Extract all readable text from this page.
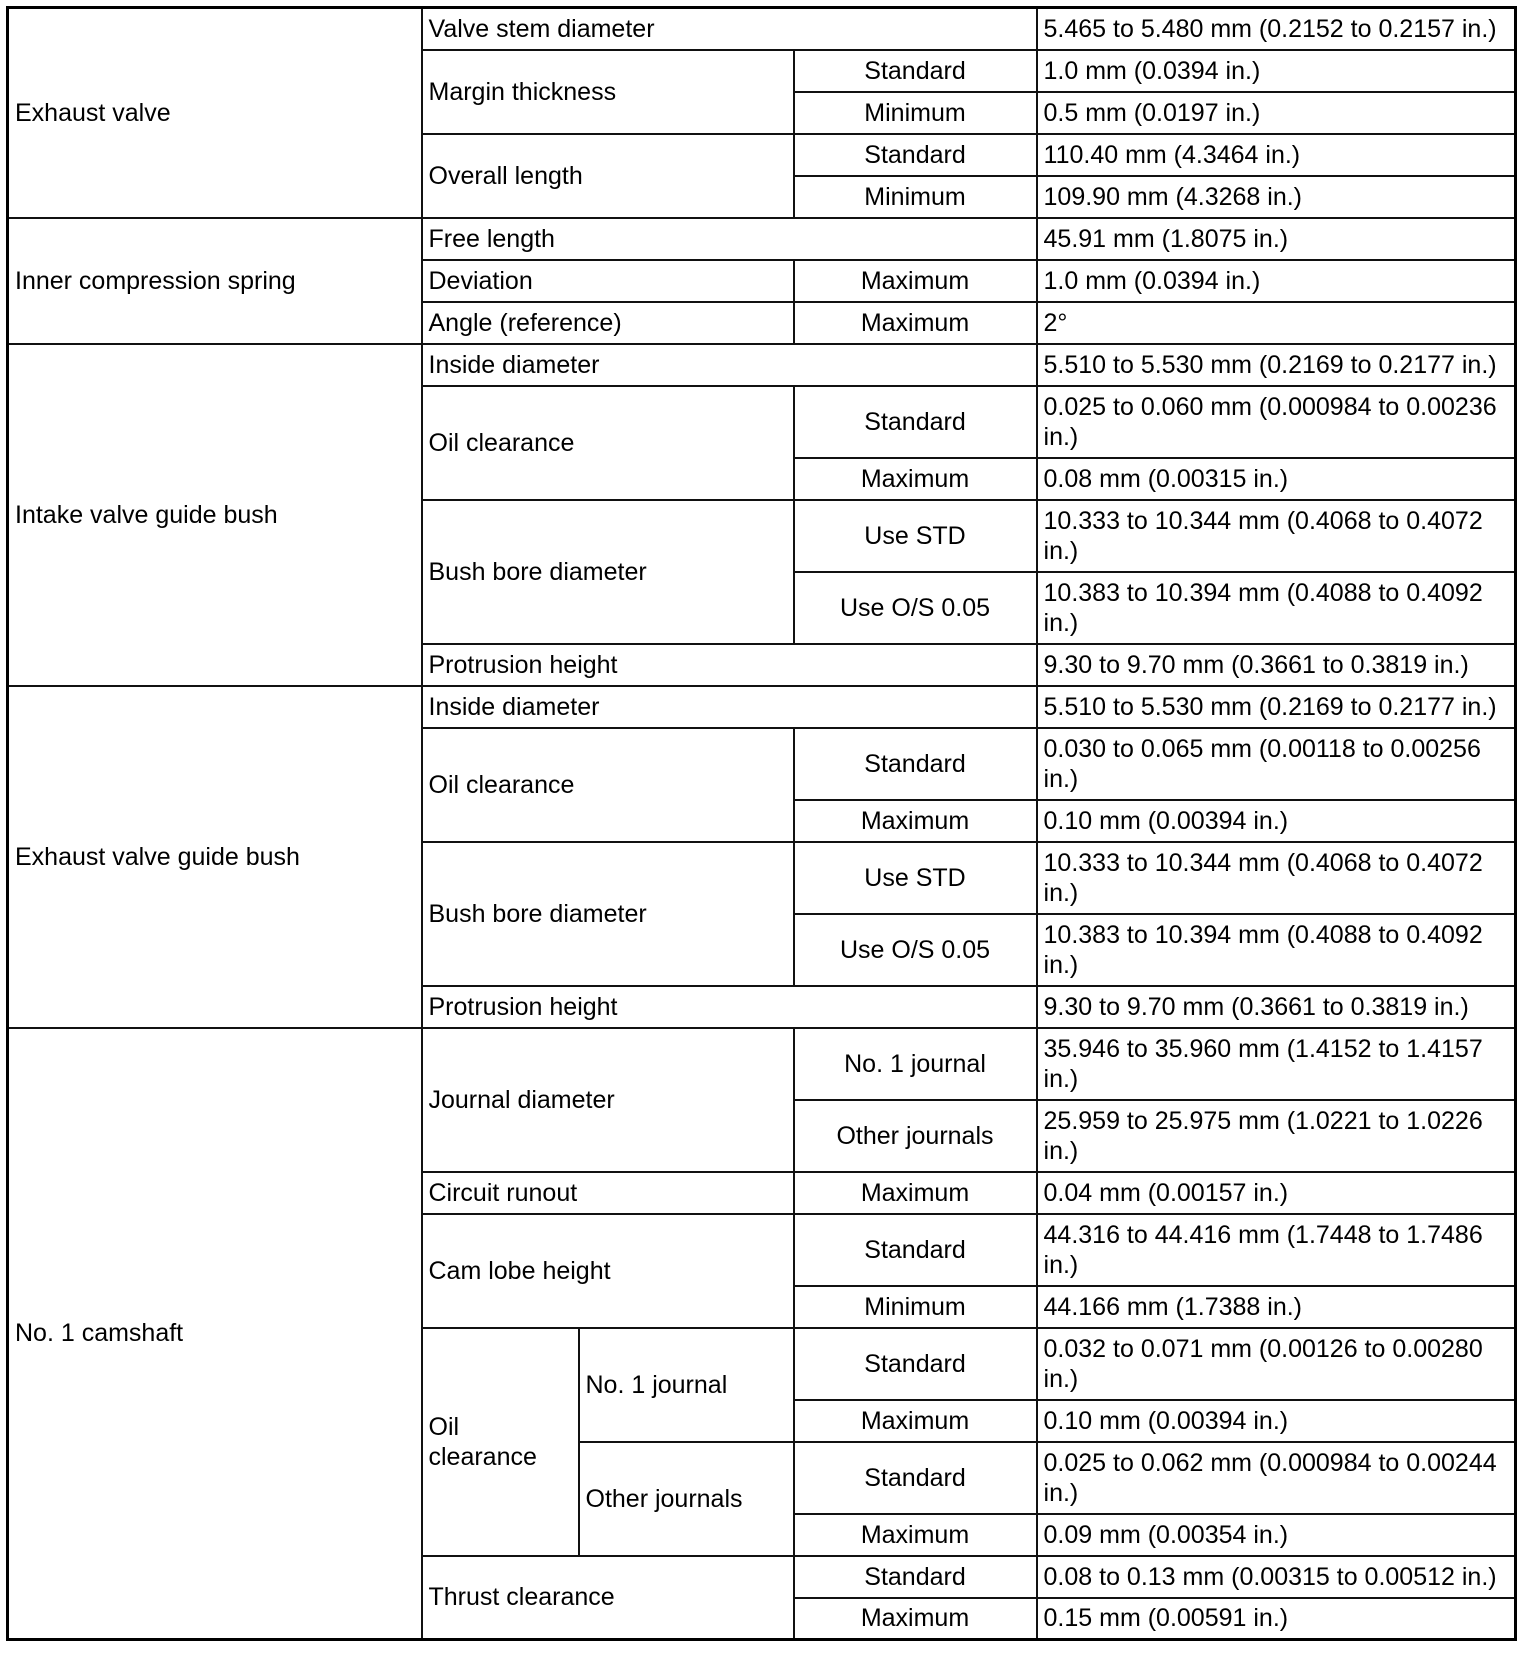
Exhaust valve	Valve stem diameter			5.465 to 5.480 mm (0.2152 to 0.2157 in.)
	Margin thickness		Standard	1.0 mm (0.0394 in.)
			Minimum	0.5 mm (0.0197 in.)
	Overall length		Standard	110.40 mm (4.3464 in.)
			Minimum	109.90 mm (4.3268 in.)
Inner compression spring	Free length			45.91 mm (1.8075 in.)
	Deviation		Maximum	1.0 mm (0.0394 in.)
	Angle (reference)		Maximum	2°
Intake valve guide bush	Inside diameter			5.510 to 5.530 mm (0.2169 to 0.2177 in.)
	Oil clearance		Standard	0.025 to 0.060 mm (0.000984 to 0.00236 in.)
			Maximum	0.08 mm (0.00315 in.)
	Bush bore diameter		Use STD	10.333 to 10.344 mm (0.4068 to 0.4072 in.)
			Use O/S 0.05	10.383 to 10.394 mm (0.4088 to 0.4092 in.)
	Protrusion height			9.30 to 9.70 mm (0.3661 to 0.3819 in.)
Exhaust valve guide bush	Inside diameter			5.510 to 5.530 mm (0.2169 to 0.2177 in.)
	Oil clearance		Standard	0.030 to 0.065 mm (0.00118 to 0.00256 in.)
			Maximum	0.10 mm (0.00394 in.)
	Bush bore diameter		Use STD	10.333 to 10.344 mm (0.4068 to 0.4072 in.)
			Use O/S 0.05	10.383 to 10.394 mm (0.4088 to 0.4092 in.)
	Protrusion height			9.30 to 9.70 mm (0.3661 to 0.3819 in.)
No. 1 camshaft	Journal diameter		No. 1 journal	35.946 to 35.960 mm (1.4152 to 1.4157 in.)
			Other journals	25.959 to 25.975 mm (1.0221 to 1.0226 in.)
	Circuit runout		Maximum	0.04 mm (0.00157 in.)
	Cam lobe height		Standard	44.316 to 44.416 mm (1.7448 to 1.7486 in.)
			Minimum	44.166 mm (1.7388 in.)
	Oil clearance	No. 1 journal	Standard	0.032 to 0.071 mm (0.00126 to 0.00280 in.)
			Maximum	0.10 mm (0.00394 in.)
		Other journals	Standard	0.025 to 0.062 mm (0.000984 to 0.00244 in.)
			Maximum	0.09 mm (0.00354 in.)
	Thrust clearance		Standard	0.08 to 0.13 mm (0.00315 to 0.00512 in.)
			Maximum	0.15 mm (0.00591 in.)
